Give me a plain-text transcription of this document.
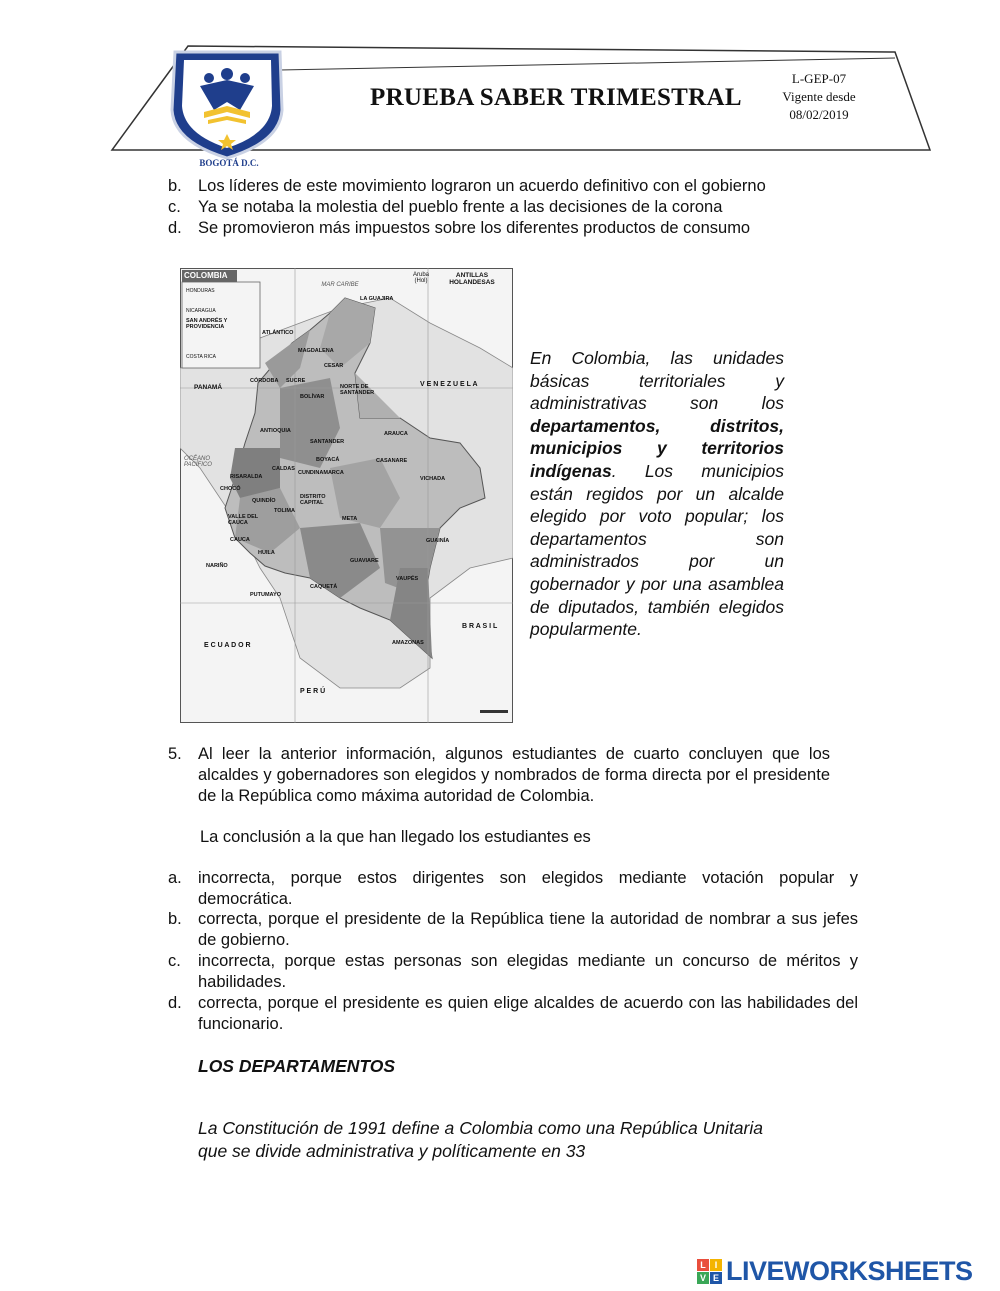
BOGOTÁ D.C.
PRUEBA SABER TRIMESTRAL
L-GEP-07
Vigente desde
08/02/2019
b. Los líderes de este movimiento lograron un acuerdo definitivo con el gobierno
c. Ya se notaba la molestia del pueblo frente a las decisiones de la corona
d. Se promovieron más impuestos sobre los diferentes productos de consumo
COLOMBIA
MAR CARIBE
ANTILLAS HOLANDESAS
Aruba (Hol)
HONDURAS
NICARAGUA
SAN ANDRÉS Y PROVIDENCIA
COSTA RICA
PANAMÁ	V E N E Z U E L A
OCÉANO PACÍFICO
E C U A D O R
B R A S I L
P E R Ú
LA GUAJIRA
ATLÁNTICO
MAGDALENA
CESAR
CÓRDOBA SUCRE
BOLÍVAR
NORTE DE SANTANDER
ANTIOQUIA
SANTANDER
ARAUCA
BOYACÁ	CASANARE
CALDAS
CUNDINAMARCA
RISARALDA
CHOCÓ
QUINDÍO
DISTRITO CAPITAL
TOLIMA
VICHADA
VALLE DEL CAUCA
META
CAUCA
HUILA
GUAINÍA
NARIÑO
GUAVIARE
PUTUMAYO
CAQUETÁ
VAUPÉS
AMAZONAS
En Colombia, las unidades básicas territoriales y administrativas son los departamentos, distritos, municipios y territorios indígenas. Los municipios están regidos por un alcalde elegido por voto popular; los departamentos son administrados por un gobernador y por una asamblea de diputados, también elegidos popularmente.
5. Al leer la anterior información, algunos estudiantes de cuarto concluyen que los alcaldes y gobernadores son elegidos y nombrados de forma directa por el presidente de la República como máxima autoridad de Colombia.
La conclusión a la que han llegado los estudiantes es
a. incorrecta, porque estos dirigentes son elegidos mediante votación popular y democrática.
b. correcta, porque el presidente de la República tiene la autoridad de nombrar a sus jefes de gobierno.
c. incorrecta, porque estas personas son elegidas mediante un concurso de méritos y habilidades.
d. correcta, porque el presidente es quien elige alcaldes de acuerdo con las habilidades del funcionario.
LOS DEPARTAMENTOS
La Constitución de 1991 define a Colombia como una República Unitaria que se divide administrativa y políticamente en 33
L I
V E LIVEWORKSHEETS
